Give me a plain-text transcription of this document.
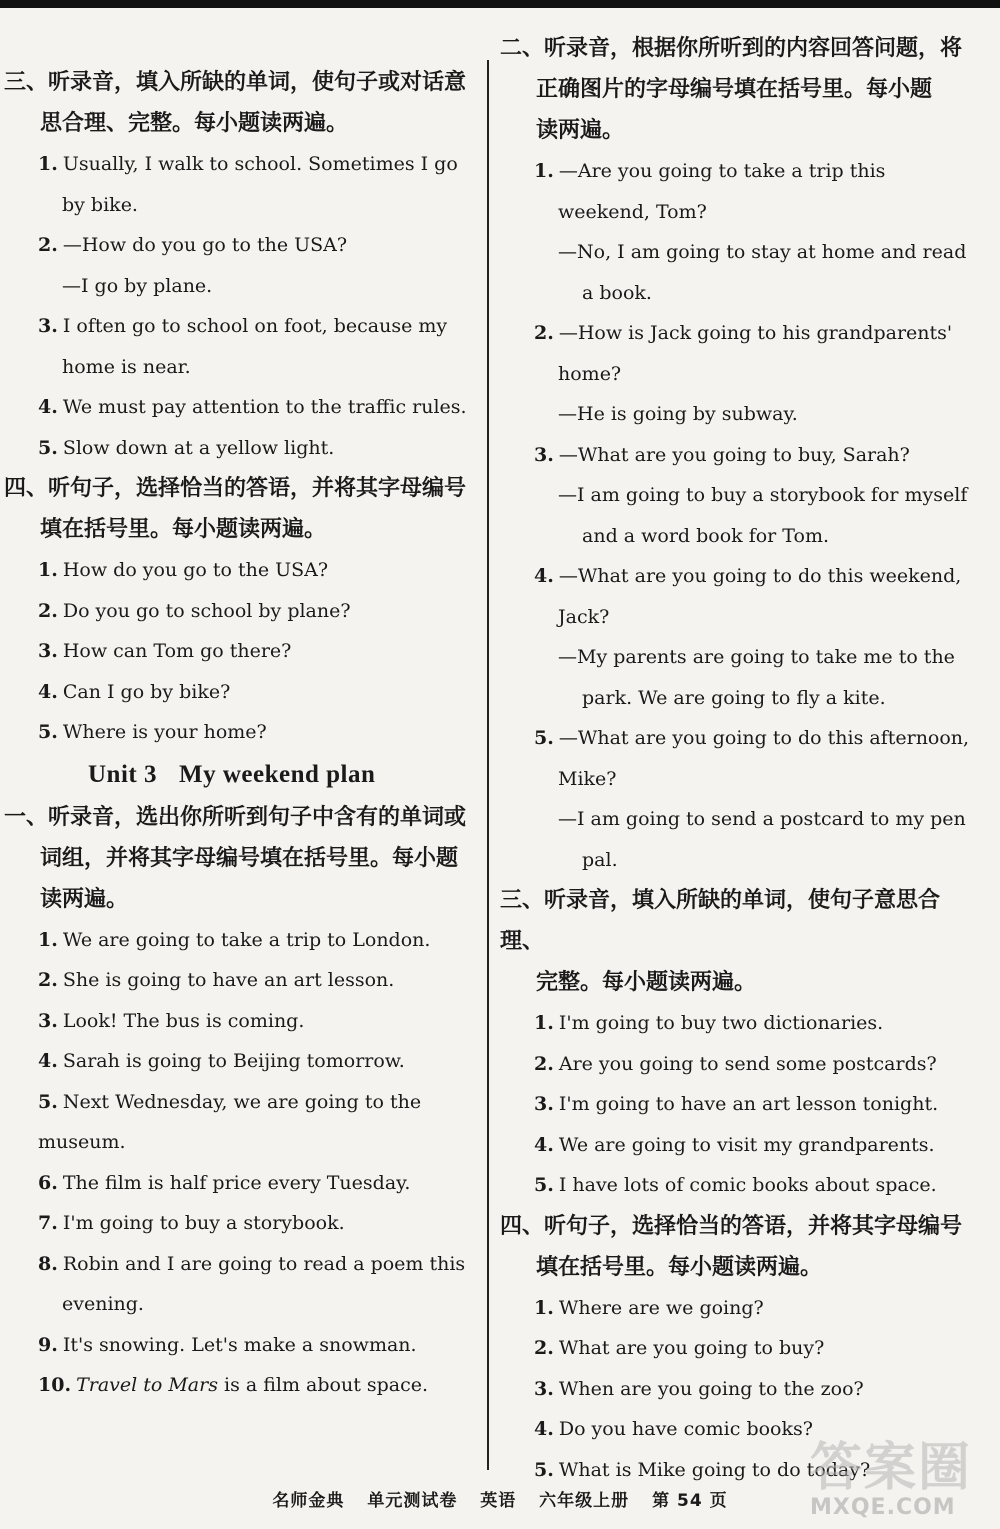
三、听录音，填入所缺的单词，使句子或对话意
思合理、完整。每小题读两遍。

1. Usually, I walk to school. Sometimes I go
by bike.

2. —How do you go to the USA?

—I go by plane.

3. I often go to school on foot, because my
home is near.

4. We must pay attention to the traffic rules.

5. Slow down at a yellow light.

四、听句子，选择恰当的答语，并将其字母编号
填在括号里。每小题读两遍。

1. How do you go to the USA?

2. Do you go to school by plane?

3. How can Tom go there?

4. Can I go by bike?

5. Where is your home?

Unit 3 My weekend plan

一、听录音，选出你所听到句子中含有的单词或
词组，并将其字母编号填在括号里。每小题
读两遍。

1. We are going to take a trip to London.

2. She is going to have an art lesson.

3. Look! The bus is coming.

4. Sarah is going to Beijing tomorrow.

5. Next Wednesday, we are going to the museum.

6. The film is half price every Tuesday.

7. I'm going to buy a storybook.

8. Robin and I are going to read a poem this
evening.

9. It's snowing. Let's make a snowman.

10. Travel to Mars is a film about space.

二、听录音，根据你所听到的内容回答问题，将
正确图片的字母编号填在括号里。每小题
读两遍。

1. —Are you going to take a trip this
weekend, Tom?

—No, I am going to stay at home and read
a book.

2. —How is Jack going to his grandparents'
home?

—He is going by subway.

3. —What are you going to buy, Sarah?

—I am going to buy a storybook for myself
and a word book for Tom.

4. —What are you going to do this weekend,
Jack?

—My parents are going to take me to the
park. We are going to fly a kite.

5. —What are you going to do this afternoon,
Mike?

—I am going to send a postcard to my pen
pal.

三、听录音，填入所缺的单词，使句子意思合理、
完整。每小题读两遍。

1. I'm going to buy two dictionaries.

2. Are you going to send some postcards?

3. I'm going to have an art lesson tonight.

4. We are going to visit my grandparents.

5. I have lots of comic books about space.

四、听句子，选择恰当的答语，并将其字母编号
填在括号里。每小题读两遍。

1. Where are we going?

2. What are you going to buy?

3. When are you going to the zoo?

4. Do you have comic books?

5. What is Mike going to do today?

名师金典 单元测试卷 英语 六年级上册 第 54 页
答案圈
MXQE.COM
